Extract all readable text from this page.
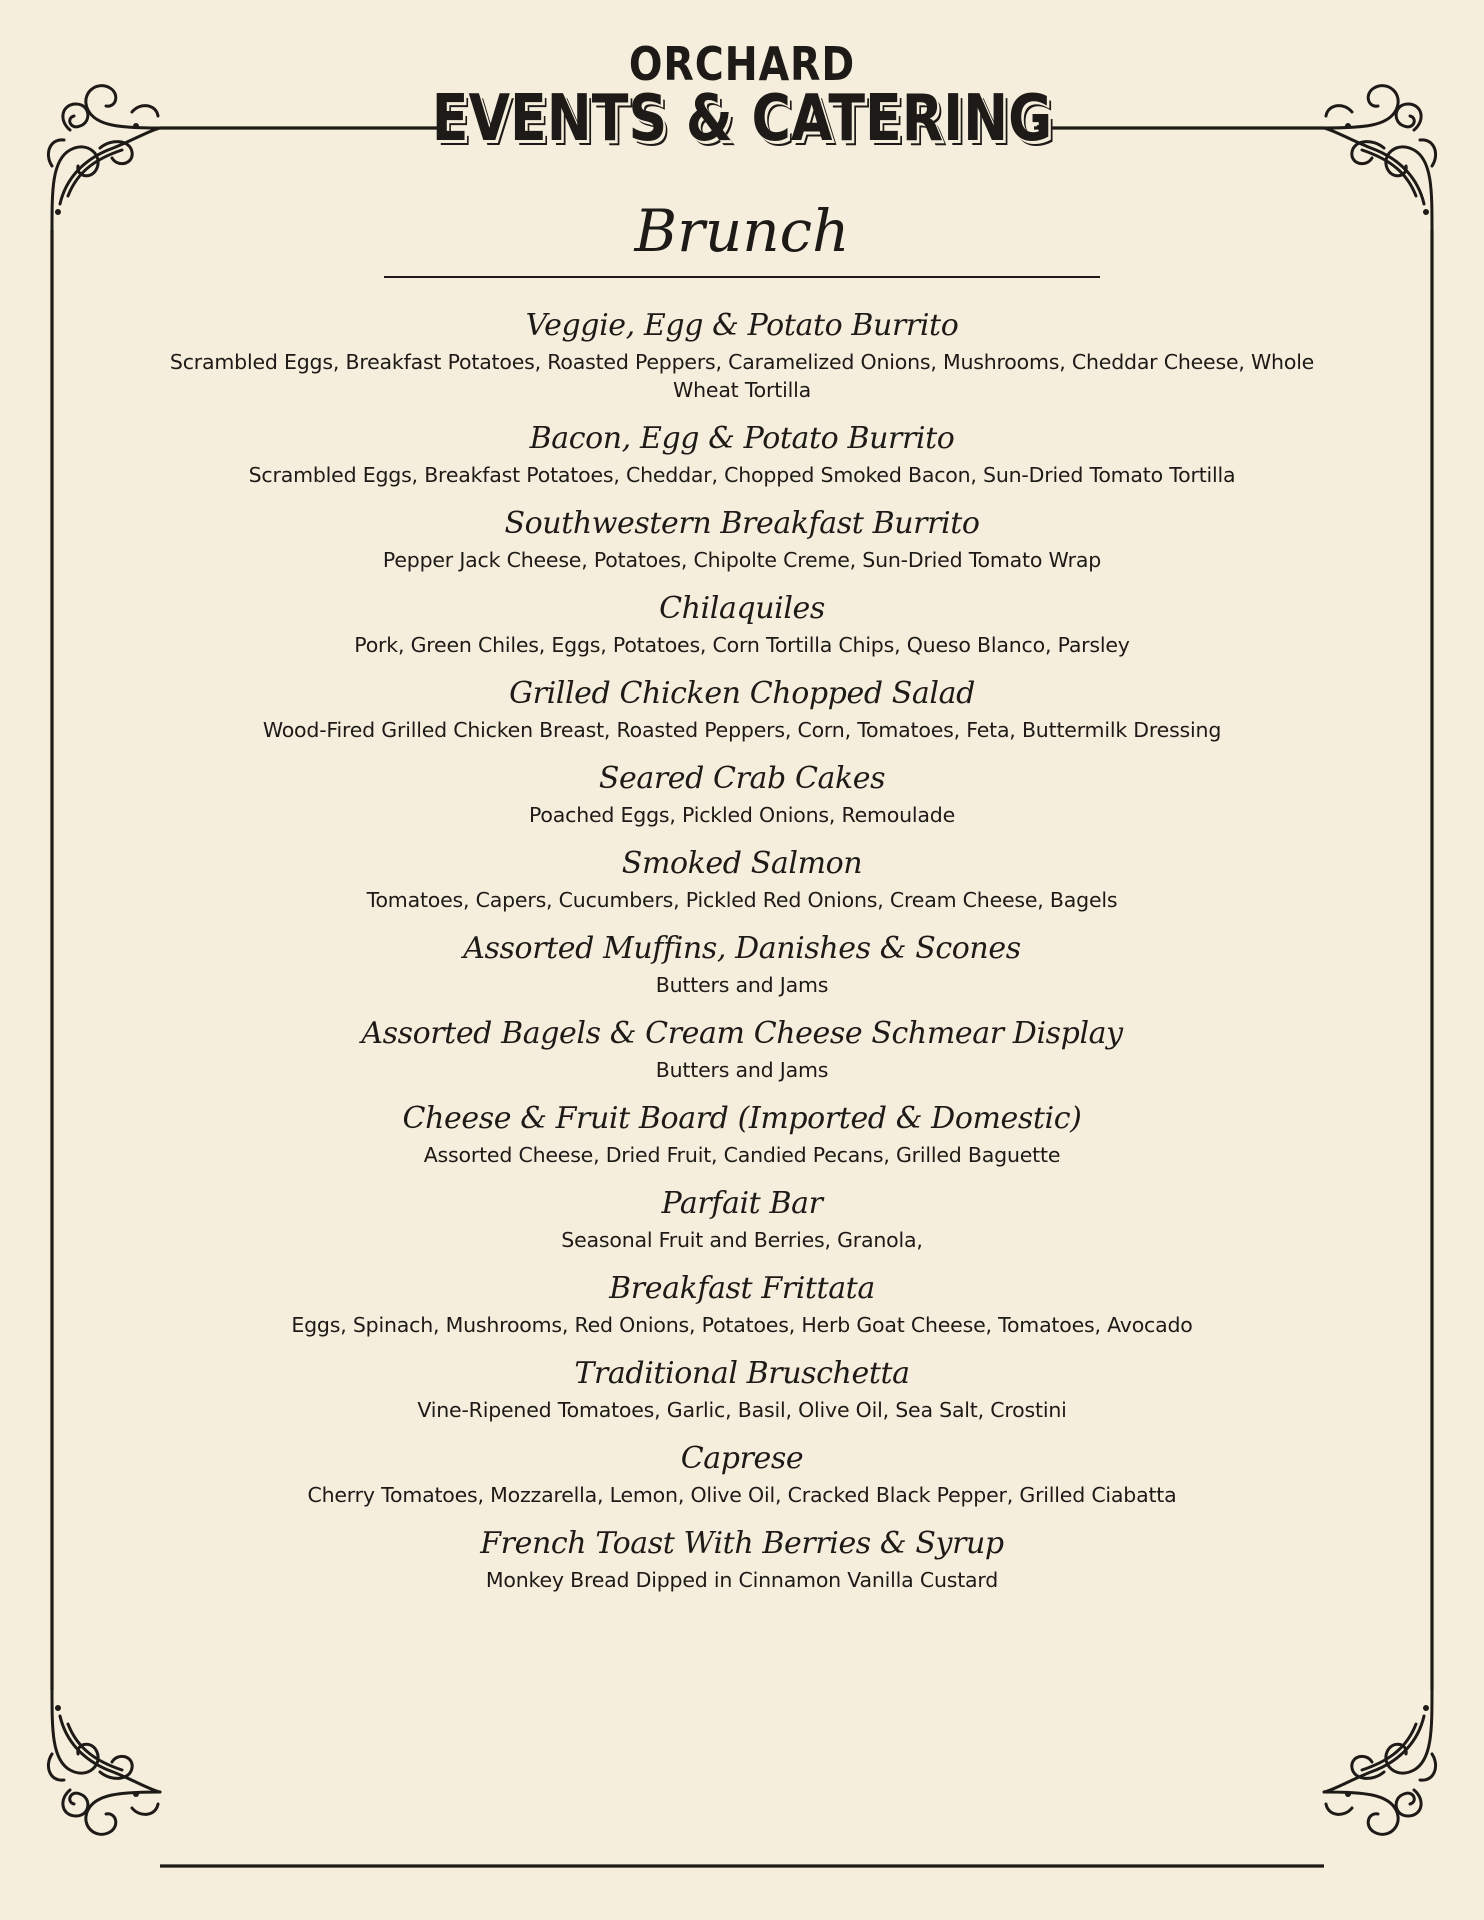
ORCHARD
EVENTS & CATERING
Brunch
Veggie, Egg & Potato Burrito
Scrambled Eggs, Breakfast Potatoes, Roasted Peppers, Caramelized Onions, Mushrooms, Cheddar Cheese, Whole Wheat Tortilla
Bacon, Egg & Potato Burrito
Scrambled Eggs, Breakfast Potatoes, Cheddar, Chopped Smoked Bacon, Sun-Dried Tomato Tortilla
Southwestern Breakfast Burrito
Pepper Jack Cheese, Potatoes, Chipolte Creme, Sun-Dried Tomato Wrap
Chilaquiles
Pork, Green Chiles, Eggs, Potatoes, Corn Tortilla Chips, Queso Blanco, Parsley
Grilled Chicken Chopped Salad
Wood-Fired Grilled Chicken Breast, Roasted Peppers, Corn, Tomatoes, Feta, Buttermilk Dressing
Seared Crab Cakes
Poached Eggs, Pickled Onions, Remoulade
Smoked Salmon
Tomatoes, Capers, Cucumbers, Pickled Red Onions, Cream Cheese, Bagels
Assorted Muffins, Danishes & Scones
Butters and Jams
Assorted Bagels & Cream Cheese Schmear Display
Butters and Jams
Cheese & Fruit Board (Imported & Domestic)
Assorted Cheese, Dried Fruit, Candied Pecans, Grilled Baguette
Parfait Bar
Seasonal Fruit and Berries, Granola,
Breakfast Frittata
Eggs, Spinach, Mushrooms, Red Onions, Potatoes, Herb Goat Cheese, Tomatoes, Avocado
Traditional Bruschetta
Vine-Ripened Tomatoes, Garlic, Basil, Olive Oil, Sea Salt, Crostini
Caprese
Cherry Tomatoes, Mozzarella, Lemon, Olive Oil, Cracked Black Pepper, Grilled Ciabatta
French Toast With Berries & Syrup
Monkey Bread Dipped in Cinnamon Vanilla Custard
